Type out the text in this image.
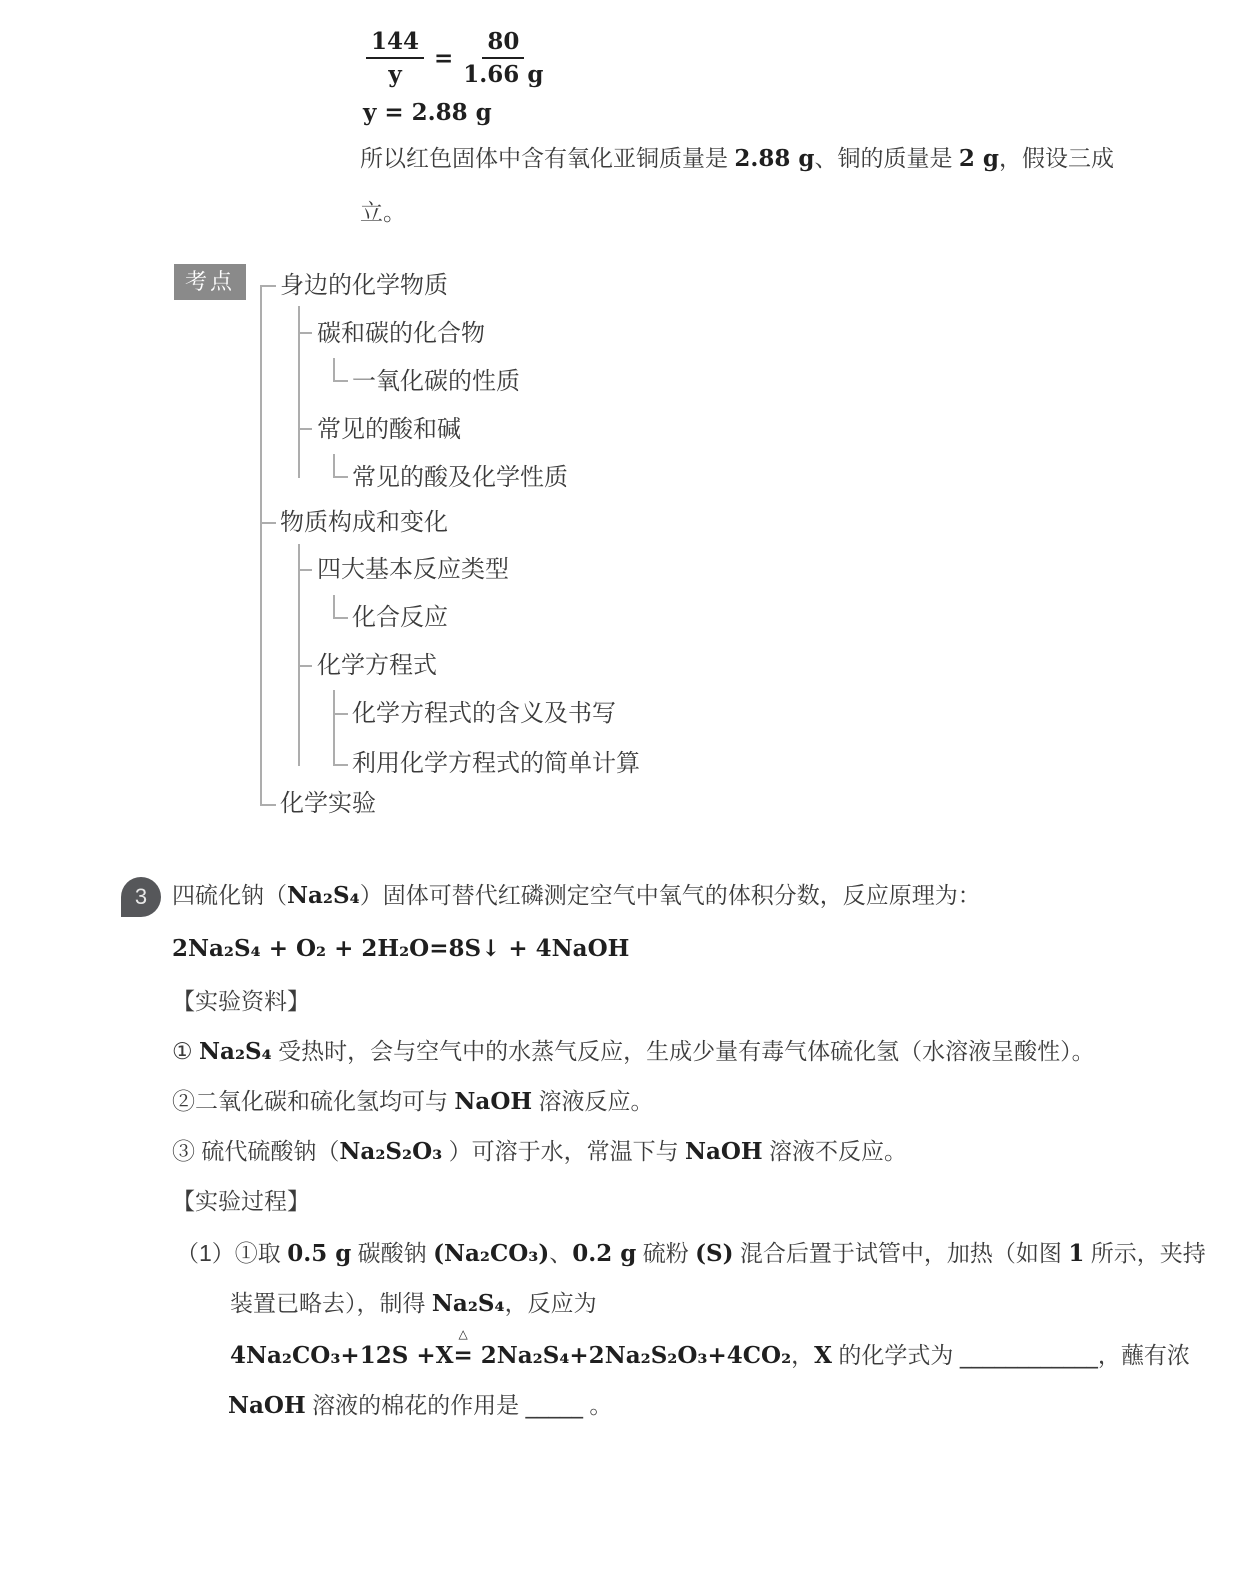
$\frac{144}{y} = \frac{80}{1.66 g}$
y = 2.88 g
所以红色固体中含有氧化亚铜质量是 2.88 g、铜的质量是 2 g，假设三成
立。
考点	身边的化学物质
碳和碳的化合物
一氧化碳的性质
常见的酸和碱
常见的酸及化学性质
物质构成和变化
四大基本反应类型
化合反应
化学方程式
化学方程式的含义及书写
利用化学方程式的简单计算
化学实验
3	四硫化钠（Na₂S₄）固体可替代红磷测定空气中氧气的体积分数，反应原理为：
2Na₂S₄ + O₂ + 2H₂O=8S↓ + 4NaOH
【实验资料】
① Na₂S₄ 受热时，会与空气中的水蒸气反应，生成少量有毒气体硫化氢（水溶液呈酸性）。
②二氧化碳和硫化氢均可与 NaOH 溶液反应。
③ 硫代硫酸钠（Na₂S₂O₃ ）可溶于水，常温下与 NaOH 溶液不反应。
【实验过程】
（1）①取 0.5 g 碳酸钠 (Na₂CO₃)、0.2 g 硫粉 (S) 混合后置于试管中，加热（如图 1 所示，夹持
装置已略去），制得 Na₂S₄，反应为
4Na₂CO₃+12S +X
△
= 2Na₂S₄+2Na₂S₂O₃+4CO₂，X 的化学式为 ____________，蘸有浓
NaOH 溶液的棉花的作用是 _____ 。
